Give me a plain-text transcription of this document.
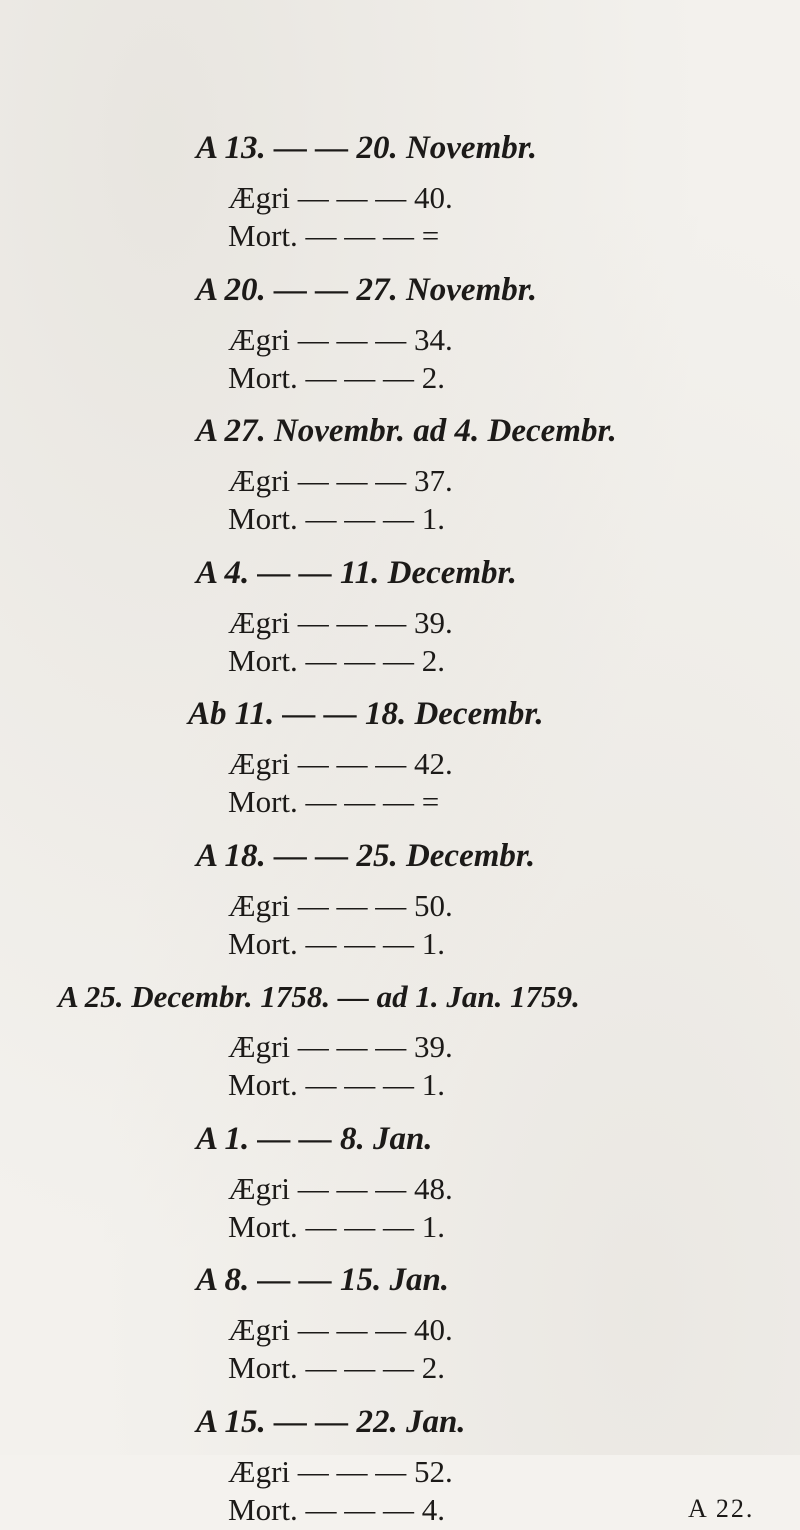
A 13. — — 20. Novembr.
Ægri — — — 40.
Mort. — — — =
A 20. — — 27. Novembr.
Ægri — — — 34.
Mort. — — — 2.
A 27. Novembr. ad 4. Decembr.
Ægri — — — 37.
Mort. — — — 1.
A 4. — — 11. Decembr.
Ægri — — — 39.
Mort. — — — 2.
Ab 11. — — 18. Decembr.
Ægri — — — 42.
Mort. — — — =
A 18. — — 25. Decembr.
Ægri — — — 50.
Mort. — — — 1.
A 25. Decembr. 1758. — ad 1. Jan. 1759.
Ægri — — — 39.
Mort. — — — 1.
A 1. — — 8. Jan.
Ægri — — — 48.
Mort. — — — 1.
A 8. — — 15. Jan.
Ægri — — — 40.
Mort. — — — 2.
A 15. — — 22. Jan.
Ægri — — — 52.
Mort. — — — 4.	A 22.
